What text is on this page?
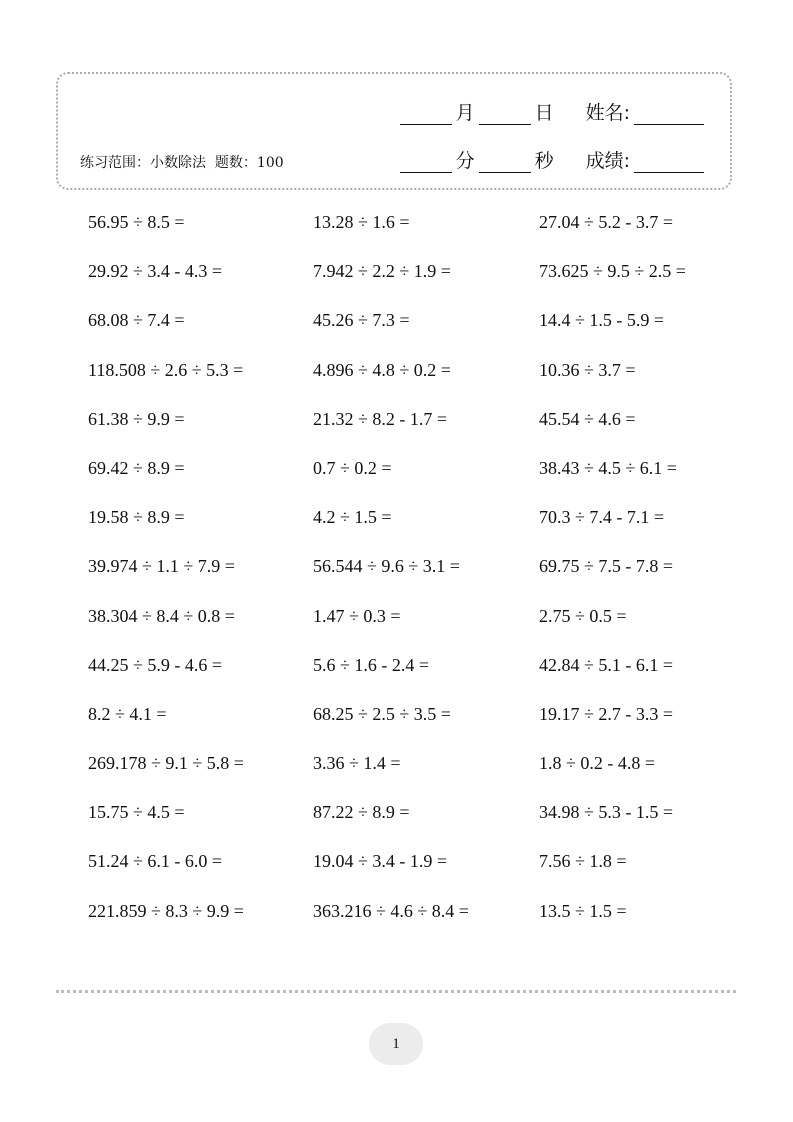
月	日 姓名:
练习范围：小数除法 题数：100	分	秒 成绩:
56.95 ÷ 8.5 =	13.28 ÷ 1.6 =	27.04 ÷ 5.2 - 3.7 =
29.92 ÷ 3.4 - 4.3 =	7.942 ÷ 2.2 ÷ 1.9 =	73.625 ÷ 9.5 ÷ 2.5 =
68.08 ÷ 7.4 =	45.26 ÷ 7.3 =	14.4 ÷ 1.5 - 5.9 =
118.508 ÷ 2.6 ÷ 5.3 =	4.896 ÷ 4.8 ÷ 0.2 =	10.36 ÷ 3.7 =
61.38 ÷ 9.9 =	21.32 ÷ 8.2 - 1.7 =	45.54 ÷ 4.6 =
69.42 ÷ 8.9 =	0.7 ÷ 0.2 =	38.43 ÷ 4.5 ÷ 6.1 =
19.58 ÷ 8.9 =	4.2 ÷ 1.5 =	70.3 ÷ 7.4 - 7.1 =
39.974 ÷ 1.1 ÷ 7.9 =	56.544 ÷ 9.6 ÷ 3.1 =	69.75 ÷ 7.5 - 7.8 =
38.304 ÷ 8.4 ÷ 0.8 =	1.47 ÷ 0.3 =	2.75 ÷ 0.5 =
44.25 ÷ 5.9 - 4.6 =	5.6 ÷ 1.6 - 2.4 =	42.84 ÷ 5.1 - 6.1 =
8.2 ÷ 4.1 =	68.25 ÷ 2.5 ÷ 3.5 =	19.17 ÷ 2.7 - 3.3 =
269.178 ÷ 9.1 ÷ 5.8 =	3.36 ÷ 1.4 =	1.8 ÷ 0.2 - 4.8 =
15.75 ÷ 4.5 =	87.22 ÷ 8.9 =	34.98 ÷ 5.3 - 1.5 =
51.24 ÷ 6.1 - 6.0 =	19.04 ÷ 3.4 - 1.9 =	7.56 ÷ 1.8 =
221.859 ÷ 8.3 ÷ 9.9 =	363.216 ÷ 4.6 ÷ 8.4 =	13.5 ÷ 1.5 =
1
